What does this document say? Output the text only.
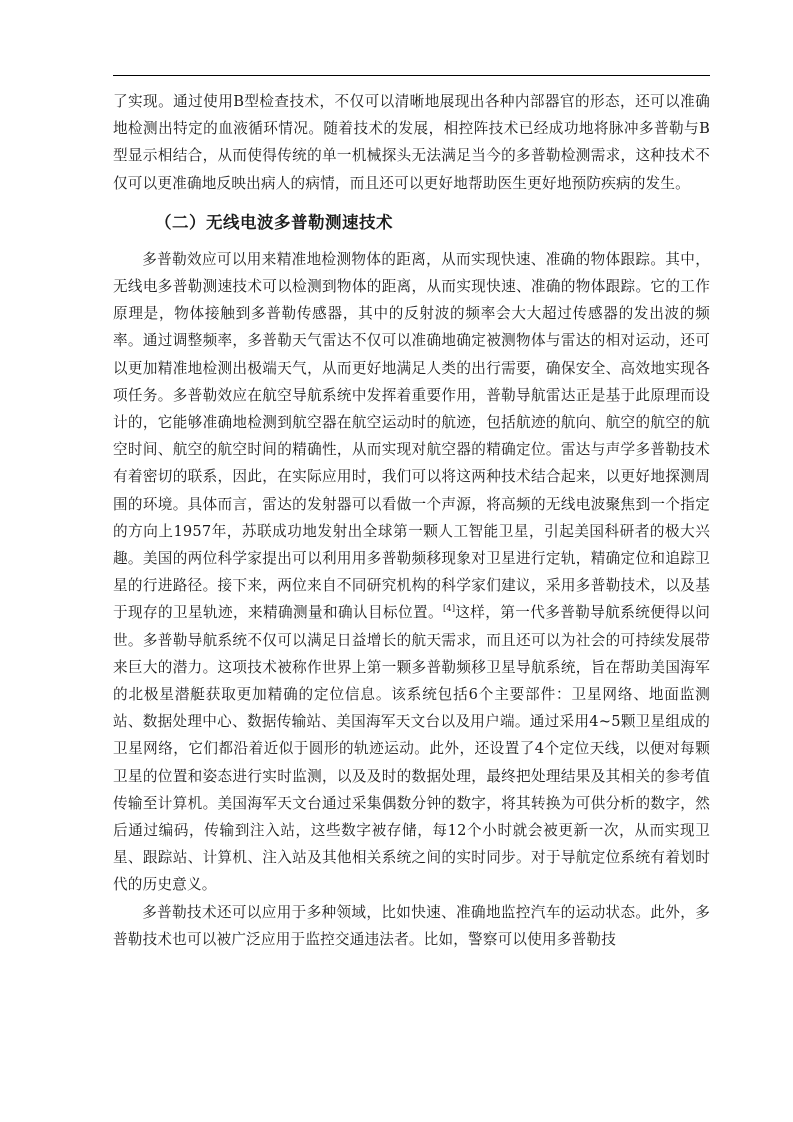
了实现。通过使用B型检查技术，不仅可以清晰地展现出各种内部器官的形态，还可以准确地检测出特定的血液循环情况。随着技术的发展，相控阵技术已经成功地将脉冲多普勒与B型显示相结合，从而使得传统的单一机械探头无法满足当今的多普勒检测需求，这种技术不仅可以更准确地反映出病人的病情，而且还可以更好地帮助医生更好地预防疾病的发生。

（二）无线电波多普勒测速技术

多普勒效应可以用来精准地检测物体的距离，从而实现快速、准确的物体跟踪。其中，无线电多普勒测速技术可以检测到物体的距离，从而实现快速、准确的物体跟踪。它的工作原理是，物体接触到多普勒传感器，其中的反射波的频率会大大超过传感器的发出波的频率。通过调整频率，多普勒天气雷达不仅可以准确地确定被测物体与雷达的相对运动，还可以更加精准地检测出极端天气，从而更好地满足人类的出行需要，确保安全、高效地实现各项任务。多普勒效应在航空导航系统中发挥着重要作用，普勒导航雷达正是基于此原理而设计的，它能够准确地检测到航空器在航空运动时的航迹，包括航迹的航向、航空的航空的航空时间、航空的航空时间的精确性，从而实现对航空器的精确定位。雷达与声学多普勒技术有着密切的联系，因此，在实际应用时，我们可以将这两种技术结合起来，以更好地探测周围的环境。具体而言，雷达的发射器可以看做一个声源，将高频的无线电波聚焦到一个指定的方向上1957年，苏联成功地发射出全球第一颗人工智能卫星，引起美国科研者的极大兴趣。美国的两位科学家提出可以利用用多普勒频移现象对卫星进行定轨，精确定位和追踪卫星的行进路径。接下来，两位来自不同研究机构的科学家们建议，采用多普勒技术，以及基于现存的卫星轨迹，来精确测量和确认目标位置。[4]这样，第一代多普勒导航系统便得以问世。多普勒导航系统不仅可以满足日益增长的航天需求，而且还可以为社会的可持续发展带来巨大的潜力。这项技术被称作世界上第一颗多普勒频移卫星导航系统，旨在帮助美国海军的北极星潜艇获取更加精确的定位信息。该系统包括6个主要部件：卫星网络、地面监测站、数据处理中心、数据传输站、美国海军天文台以及用户端。通过采用4~5颗卫星组成的卫星网络，它们都沿着近似于圆形的轨迹运动。此外，还设置了4个定位天线，以便对每颗卫星的位置和姿态进行实时监测，以及及时的数据处理，最终把处理结果及其相关的参考值传输至计算机。美国海军天文台通过采集偶数分钟的数字，将其转换为可供分析的数字，然后通过编码，传输到注入站，这些数字被存储，每12个小时就会被更新一次，从而实现卫星、跟踪站、计算机、注入站及其他相关系统之间的实时同步。对于导航定位系统有着划时代的历史意义。

多普勒技术还可以应用于多种领域，比如快速、准确地监控汽车的运动状态。此外，多普勒技术也可以被广泛应用于监控交通违法者。比如，警察可以使用多普勒技
